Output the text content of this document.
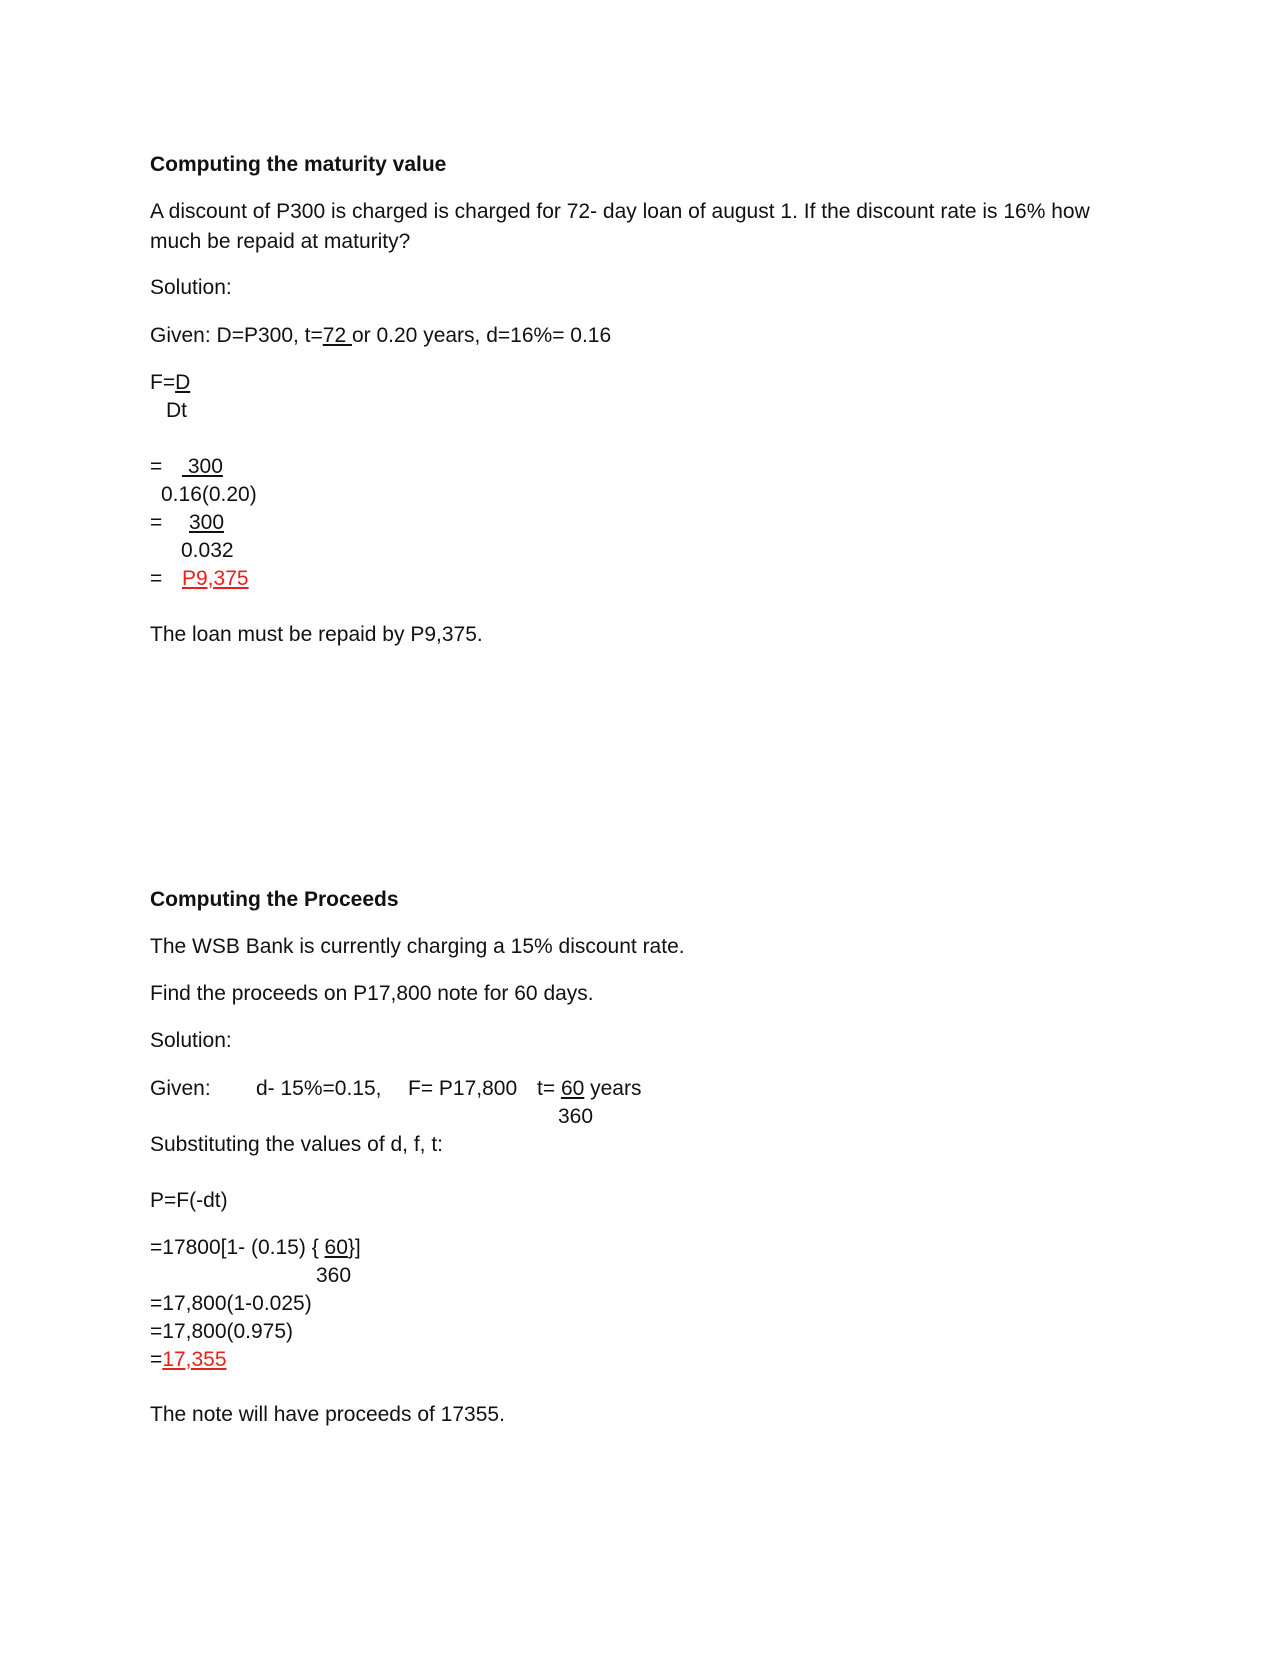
Computing the maturity value
A discount of P300 is charged is charged for 72- day loan of august 1. If the discount rate is 16% how
much be repaid at maturity?
Solution:
Given: D=P300, t=72 or 0.20 years, d=16%= 0.16
F=D
Dt
= 300
0.16(0.20)
= 300
0.032
= P9,375
The loan must be repaid by P9,375.
Computing the Proceeds
The WSB Bank is currently charging a 15% discount rate.
Find the proceeds on P17,800 note for 60 days.
Solution:
Given: d- 15%=0.15, F= P17,800 t= 60 years
360
Substituting the values of d, f, t:
P=F(-dt)
=17800[1- (0.15) { 60}]
360
=17,800(1-0.025)
=17,800(0.975)
=17,355
The note will have proceeds of 17355.
